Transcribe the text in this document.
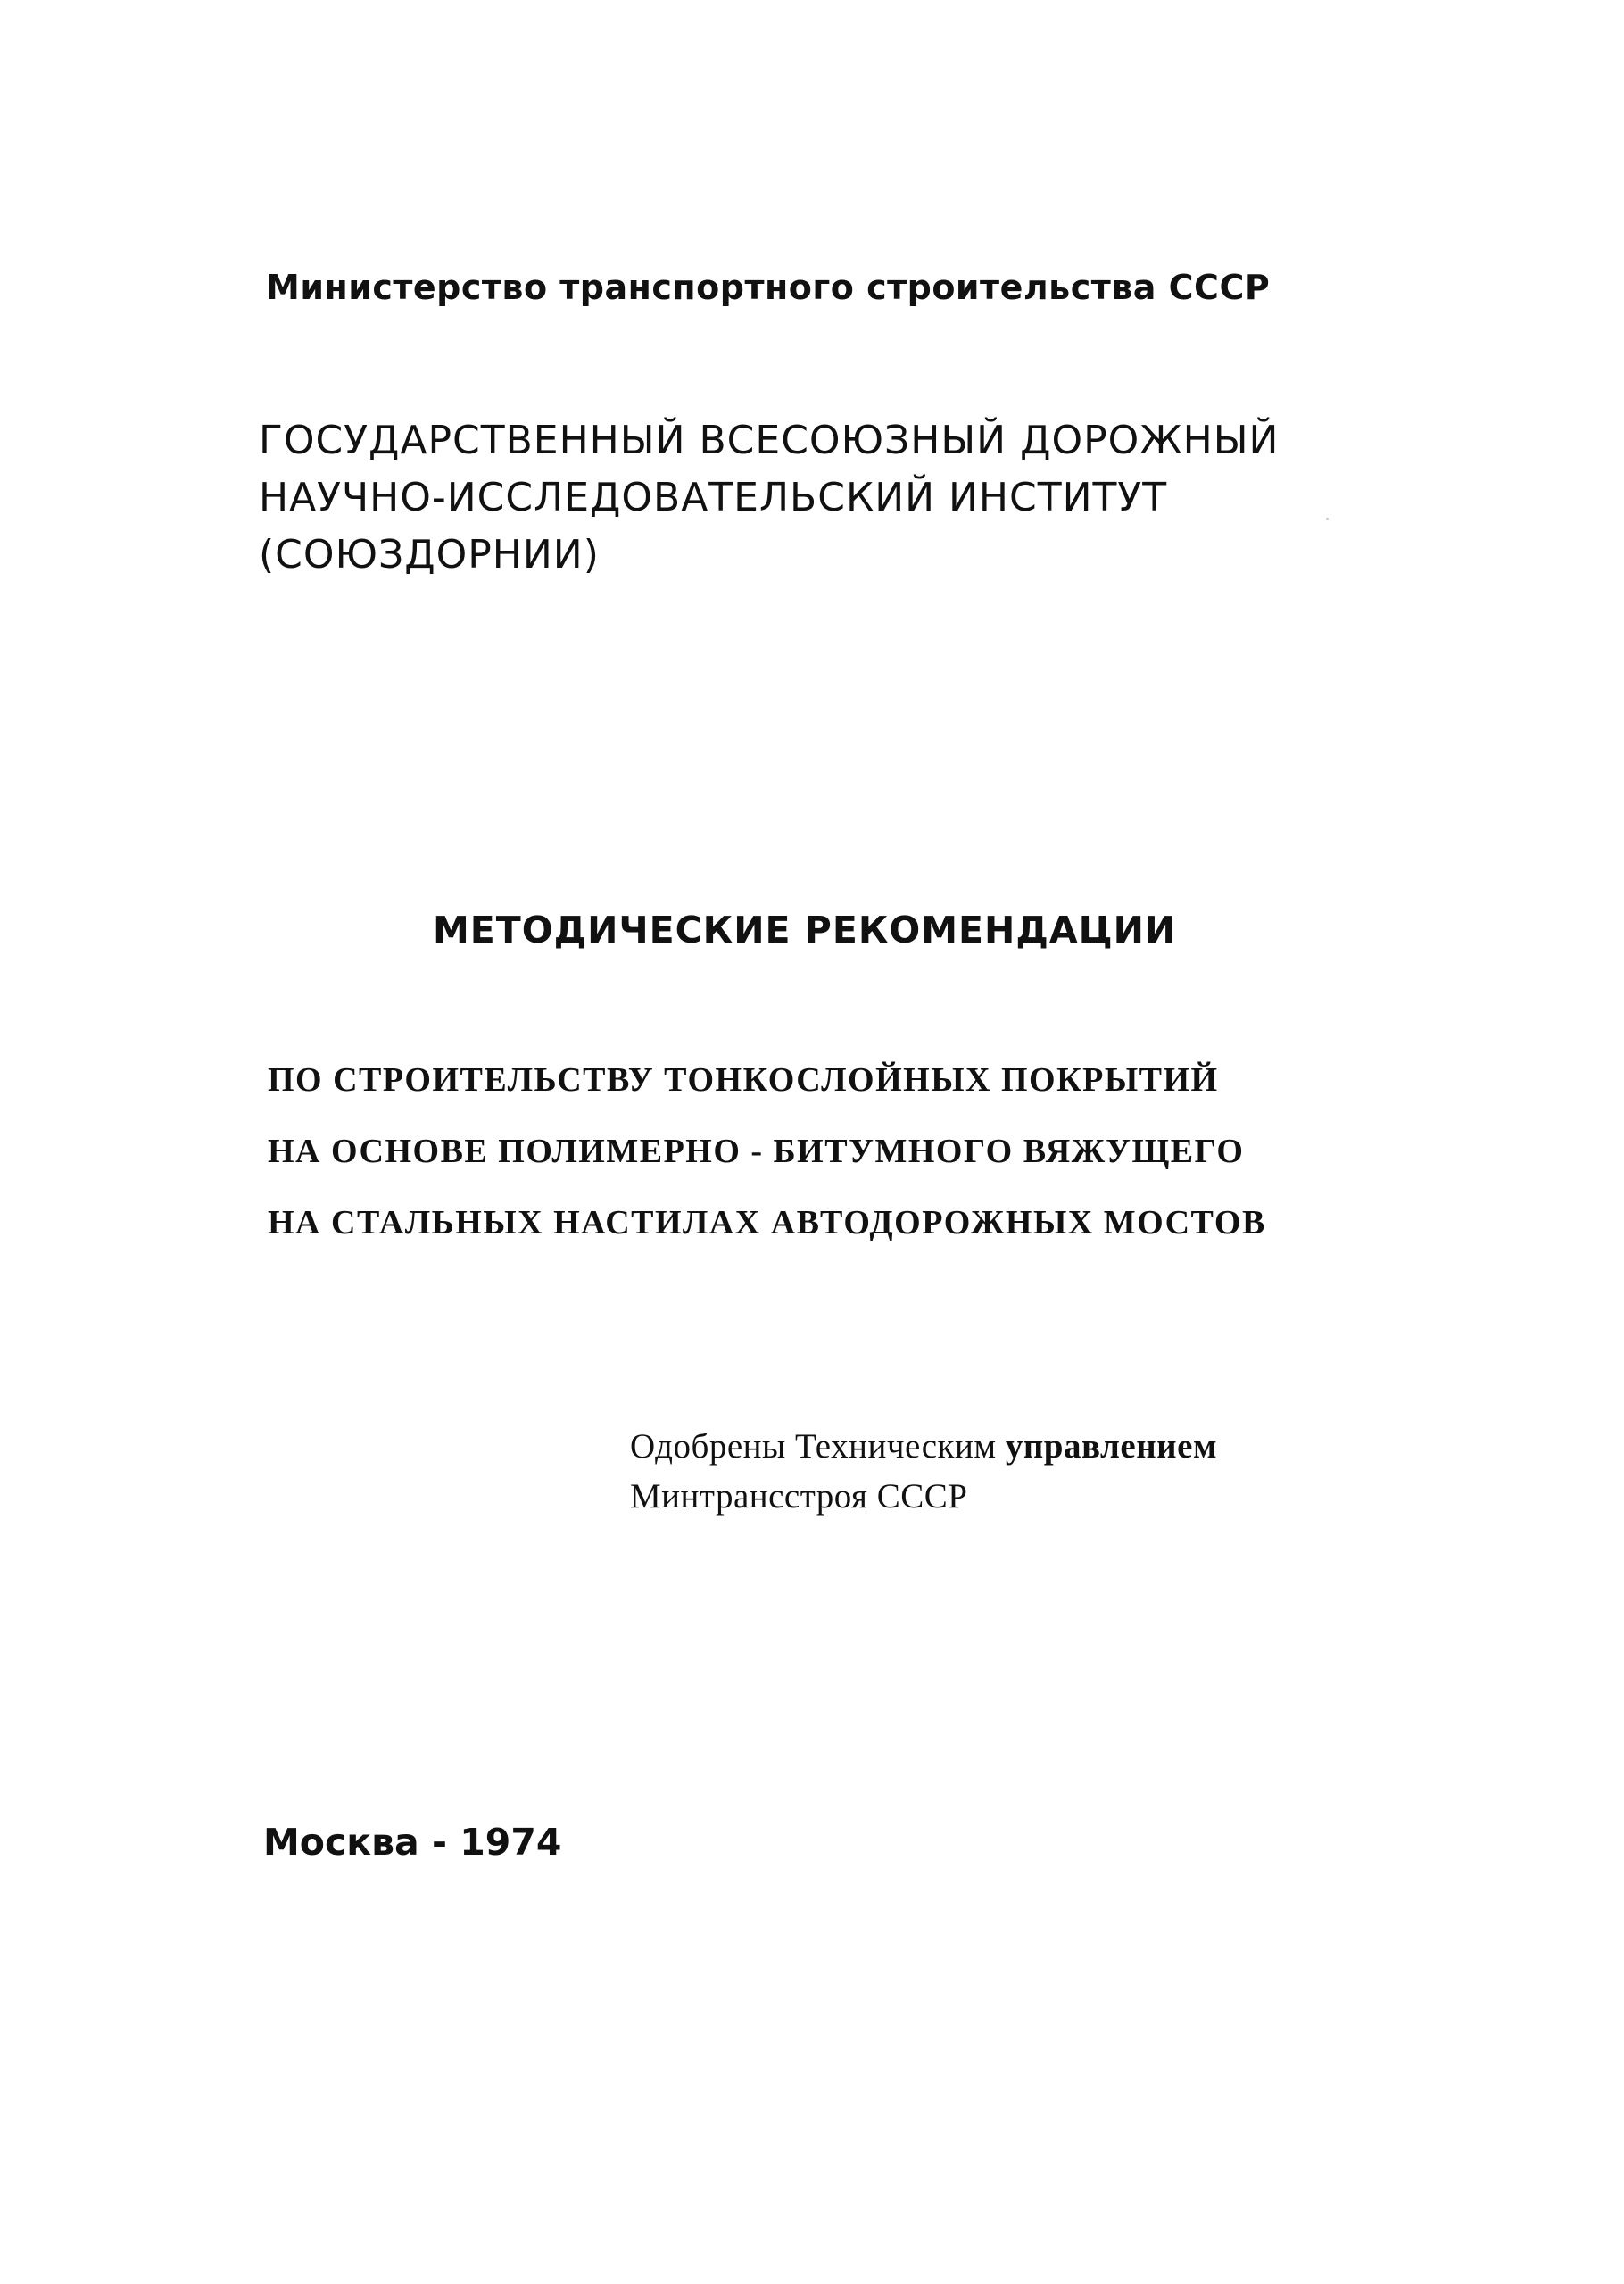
Министерство транспортного строительства СССР
ГОСУДАРСТВЕННЫЙ ВСЕСОЮЗНЫЙ ДОРОЖНЫЙ
НАУЧНО-ИССЛЕДОВАТЕЛЬСКИЙ ИНСТИТУТ
(СОЮЗДОРНИИ)
МЕТОДИЧЕСКИЕ РЕКОМЕНДАЦИИ
ПО СТРОИТЕЛЬСТВУ ТОНКОСЛОЙНЫХ ПОКРЫТИЙ
НА ОСНОВЕ ПОЛИМЕРНО - БИТУМНОГО ВЯЖУЩЕГО
НА СТАЛЬНЫХ НАСТИЛАХ АВТОДОРОЖНЫХ МОСТОВ
Одобрены Техническим управлением
Минтрансстроя СССР
Москва - 1974
